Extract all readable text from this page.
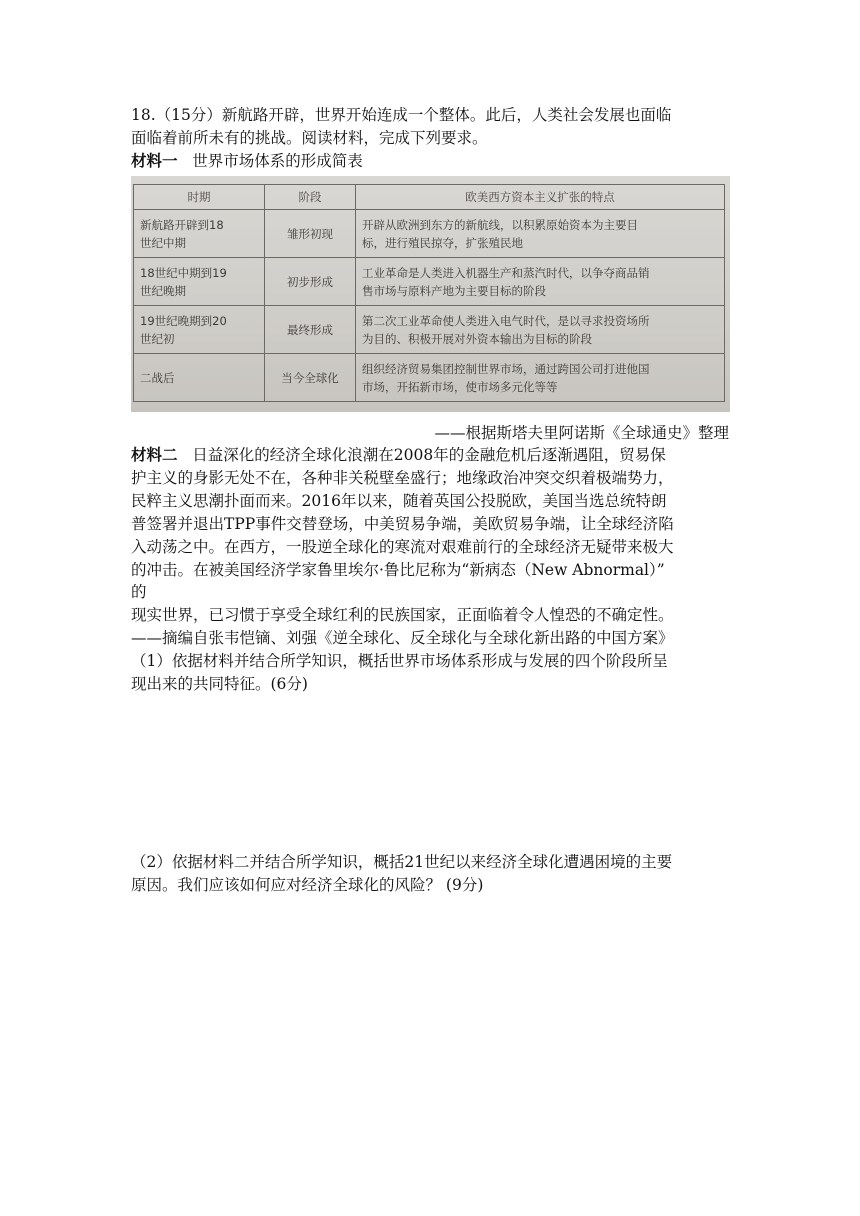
18.（15分）新航路开辟，世界开始连成一个整体。此后，人类社会发展也面临
面临着前所未有的挑战。阅读材料，完成下列要求。
材料一 世界市场体系的形成简表
时期	阶段	欧美西方资本主义扩张的特点
新航路开辟到18
世纪中期	雏形初现	开辟从欧洲到东方的新航线，以积累原始资本为主要目
标，进行殖民掠夺，扩张殖民地
18世纪中期到19
世纪晚期	初步形成	工业革命是人类进入机器生产和蒸汽时代，以争夺商品销
售市场与原料产地为主要目标的阶段
19世纪晚期到20
世纪初	最终形成	第二次工业革命使人类进入电气时代，是以寻求投资场所
为目的、积极开展对外资本输出为目标的阶段
二战后	当今全球化	组织经济贸易集团控制世界市场，通过跨国公司打进他国
市场，开拓新市场，使市场多元化等等
——根据斯塔夫里阿诺斯《全球通史》整理
材料二 日益深化的经济全球化浪潮在2008年的金融危机后逐渐遇阻，贸易保
护主义的身影无处不在，各种非关税壁垒盛行；地缘政治冲突交织着极端势力，
民粹主义思潮扑面而来。2016年以来，随着英国公投脱欧，美国当选总统特朗
普签署并退出TPP事件交替登场，中美贸易争端，美欧贸易争端，让全球经济陷
入动荡之中。在西方，一股逆全球化的寒流对艰难前行的全球经济无疑带来极大
的冲击。在被美国经济学家鲁里埃尔·鲁比尼称为“新病态（New Abnormal）”
的
现实世界，已习惯于享受全球红利的民族国家，正面临着令人惶恐的不确定性。
——摘编自张韦恺镝、刘强《逆全球化、反全球化与全球化新出路的中国方案》
（1）依据材料并结合所学知识，概括世界市场体系形成与发展的四个阶段所呈
现出来的共同特征。(6分)
（2）依据材料二并结合所学知识，概括21世纪以来经济全球化遭遇困境的主要
原因。我们应该如何应对经济全球化的风险？ (9分)
